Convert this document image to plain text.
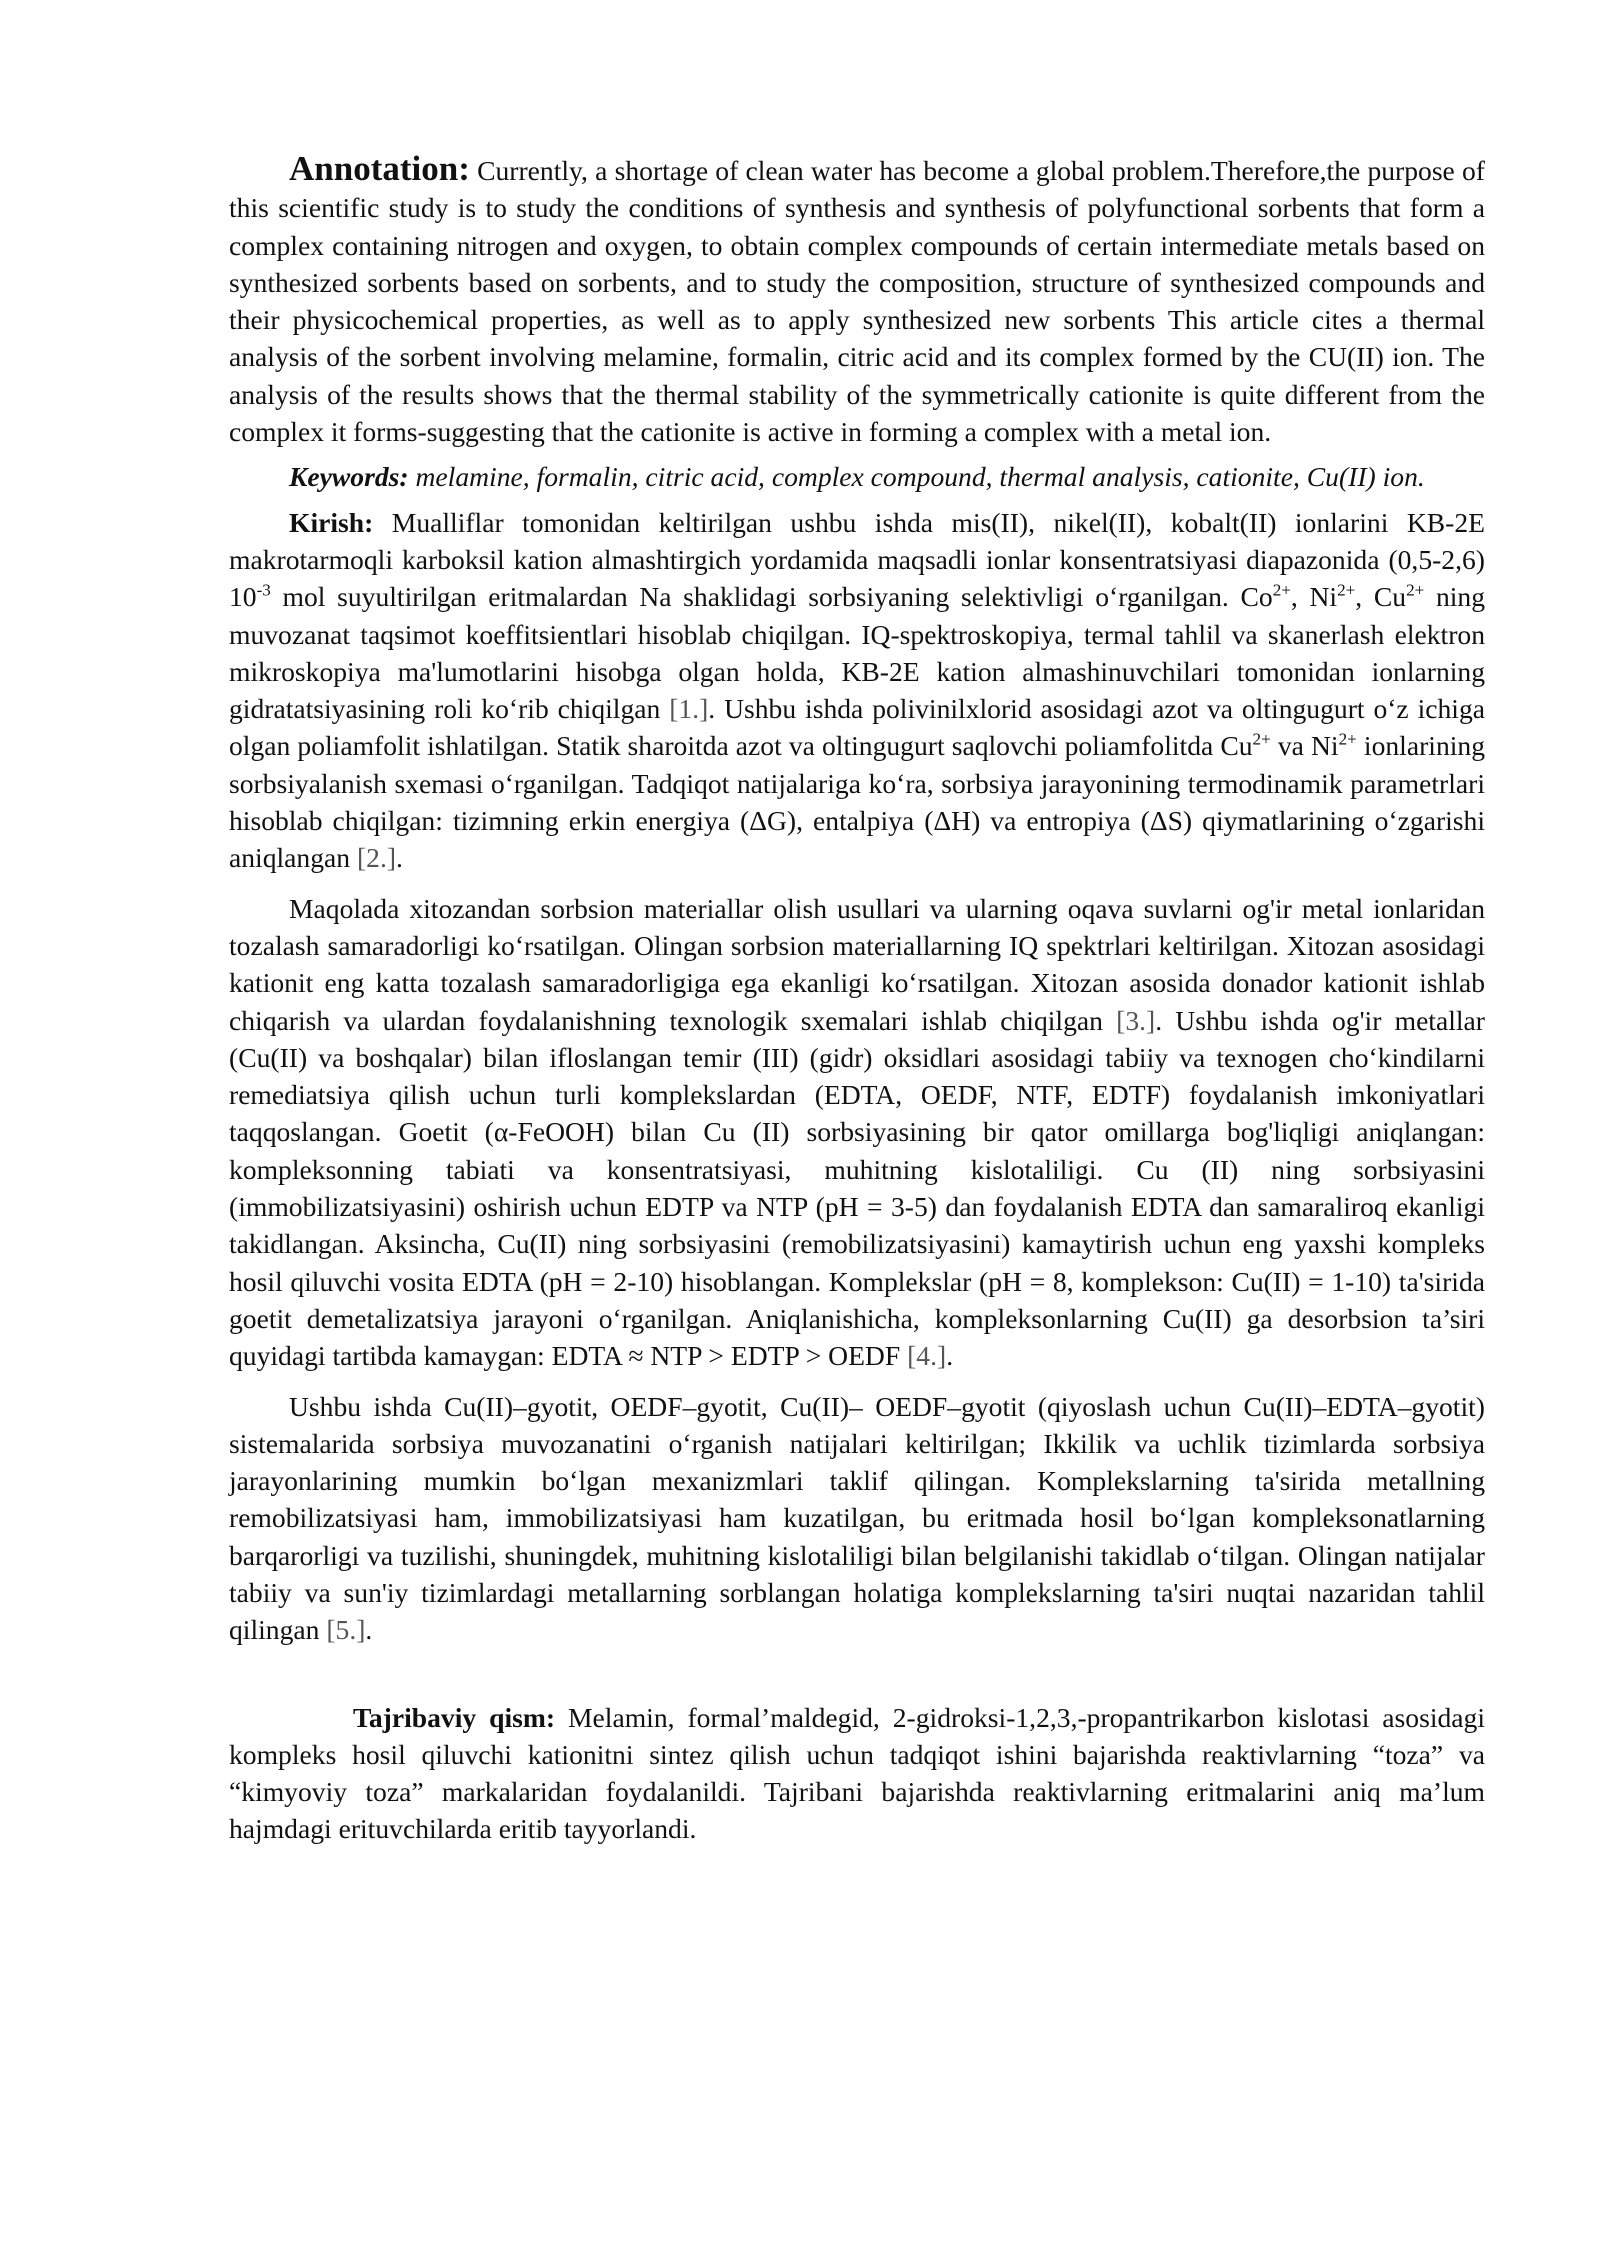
Annotation: Currently, a shortage of clean water has become a global problem.Therefore,the purpose of this scientific study is to study the conditions of synthesis and synthesis of polyfunctional sorbents that form a complex containing nitrogen and oxygen, to obtain complex compounds of certain intermediate metals based on synthesized sorbents based on sorbents, and to study the composition, structure of synthesized compounds and their physicochemical properties, as well as to apply synthesized new sorbents This article cites a thermal analysis of the sorbent involving melamine, formalin, citric acid and its complex formed by the CU(II) ion. The analysis of the results shows that the thermal stability of the symmetrically cationite is quite different from the complex it forms-suggesting that the cationite is active in forming a complex with a metal ion.

Keywords: melamine, formalin, citric acid, complex compound, thermal analysis, cationite, Cu(II) ion.

Kirish: Mualliflar tomonidan keltirilgan ushbu ishda mis(II), nikel(II), kobalt(II) ionlarini KB-2E makrotarmoqli karboksil kation almashtirgich yordamida maqsadli ionlar konsentratsiyasi diapazonida (0,5-2,6) $10^{-3}$ mol suyultirilgan eritmalardan Na shaklidagi sorbsiyaning selektivligi o‘rganilgan. $Co^{2+}$, $Ni^{2+}$, $Cu^{2+}$ ning muvozanat taqsimot koeffitsientlari hisoblab chiqilgan. IQ-spektroskopiya, termal tahlil va skanerlash elektron mikroskopiya ma'lumotlarini hisobga olgan holda, KB-2E kation almashinuvchilari tomonidan ionlarning gidratatsiyasining roli ko‘rib chiqilgan [1.]. Ushbu ishda polivinilxlorid asosidagi azot va oltingugurt o‘z ichiga olgan poliamfolit ishlatilgan. Statik sharoitda azot va oltingugurt saqlovchi poliamfolitda $Cu^{2+}$ va $Ni^{2+}$ ionlarining sorbsiyalanish sxemasi o‘rganilgan. Tadqiqot natijalariga ko‘ra, sorbsiya jarayonining termodinamik parametrlari hisoblab chiqilgan: tizimning erkin energiya (ΔG), entalpiya (ΔH) va entropiya (ΔS) qiymatlarining o‘zgarishi aniqlangan [2.].

Maqolada xitozandan sorbsion materiallar olish usullari va ularning oqava suvlarni og'ir metal ionlaridan tozalash samaradorligi ko‘rsatilgan. Olingan sorbsion materiallarning IQ spektrlari keltirilgan. Xitozan asosidagi kationit eng katta tozalash samaradorligiga ega ekanligi ko‘rsatilgan. Xitozan asosida donador kationit ishlab chiqarish va ulardan foydalanishning texnologik sxemalari ishlab chiqilgan [3.]. Ushbu ishda og'ir metallar (Cu(II) va boshqalar) bilan ifloslangan temir (III) (gidr) oksidlari asosidagi tabiiy va texnogen cho‘kindilarni remediatsiya qilish uchun turli komplekslardan (EDTA, OEDF, NTF, EDTF) foydalanish imkoniyatlari taqqoslangan. Goetit (α-FeOOH) bilan Cu (II) sorbsiyasining bir qator omillarga bog'liqligi aniqlangan: kompleksonning tabiati va konsentratsiyasi, muhitning kislotaliligi. Cu (II) ning sorbsiyasini (immobilizatsiyasini) oshirish uchun EDTP va NTP (pH = 3-5) dan foydalanish EDTA dan samaraliroq ekanligi takidlangan. Aksincha, Cu(II) ning sorbsiyasini (remobilizatsiyasini) kamaytirish uchun eng yaxshi kompleks hosil qiluvchi vosita EDTA (pH = 2-10) hisoblangan. Komplekslar (pH = 8, komplekson: Cu(II) = 1-10) ta'sirida goetit demetalizatsiya jarayoni o‘rganilgan. Aniqlanishicha, kompleksonlarning Cu(II) ga desorbsion ta’siri quyidagi tartibda kamaygan: EDTA ≈ NTP > EDTP > OEDF [4.].

Ushbu ishda Cu(II)–gyotit, OEDF–gyotit, Cu(II)– OEDF–gyotit (qiyoslash uchun Cu(II)–EDTA–gyotit) sistemalarida sorbsiya muvozanatini o‘rganish natijalari keltirilgan; Ikkilik va uchlik tizimlarda sorbsiya jarayonlarining mumkin bo‘lgan mexanizmlari taklif qilingan. Komplekslarning ta'sirida metallning remobilizatsiyasi ham, immobilizatsiyasi ham kuzatilgan, bu eritmada hosil bo‘lgan kompleksonatlarning barqarorligi va tuzilishi, shuningdek, muhitning kislotaliligi bilan belgilanishi takidlab o‘tilgan. Olingan natijalar tabiiy va sun'iy tizimlardagi metallarning sorblangan holatiga komplekslarning ta'siri nuqtai nazaridan tahlil qilingan [5.].

Tajribaviy qism: Melamin, formal’maldegid, 2-gidroksi-1,2,3,-propantrikarbon kislotasi asosidagi kompleks hosil qiluvchi kationitni sintez qilish uchun tadqiqot ishini bajarishda reaktivlarning “toza” va “kimyoviy toza” markalaridan foydalanildi. Tajribani bajarishda reaktivlarning eritmalarini aniq ma’lum hajmdagi erituvchilarda eritib tayyorlandi.
